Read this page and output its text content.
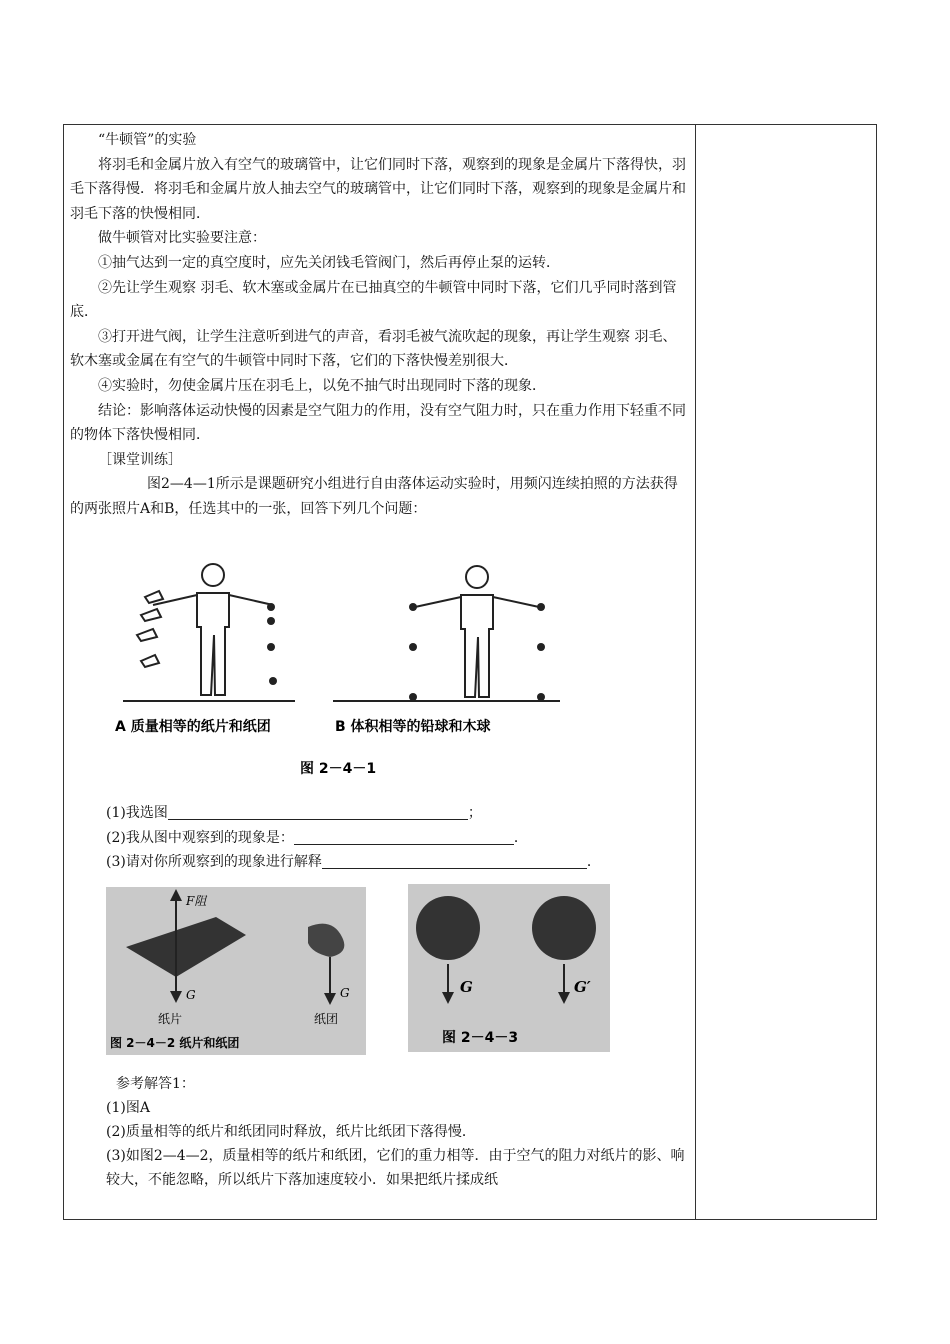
“牛顿管”的实验

将羽毛和金属片放入有空气的玻璃管中，让它们同时下落，观察到的现象是金属片下落得快，羽毛下落得慢．将羽毛和金属片放人抽去空气的玻璃管中，让它们同时下落，观察到的现象是金属片和羽毛下落的快慢相同．

做牛顿管对比实验要注意：

①抽气达到一定的真空度时，应先关闭钱毛管阀门，然后再停止泵的运转．

②先让学生观察 羽毛、软木塞或金属片在已抽真空的牛顿管中同时下落，它们几乎同时落到管底．

③打开进气阀，让学生注意听到进气的声音，看羽毛被气流吹起的现象，再让学生观察 羽毛、软木塞或金属在有空气的牛顿管中同时下落，它们的下落快慢差别很大．

④实验时，勿使金属片压在羽毛上，以免不抽气时出现同时下落的现象．

结论：影响落体运动快慢的因素是空气阻力的作用，没有空气阻力时，只在重力作用下轻重不同的物体下落快慢相同．

［课堂训练］

图2—4—1所示是课题研究小组进行自由落体运动实验时，用频闪连续拍照的方法获得的两张照片A和B，任选其中的一张，回答下列几个问题：

A 质量相等的纸片和纸团	B 体积相等的铅球和木球
图 2－4－1
(1)我选图	；
(2)我从图中观察到的现象是：	．
(3)请对你所观察到的现象进行解释	．
F阻
G	G
纸片	纸团
图 2－4－2 纸片和纸团
G	G′
图 2－4－3
参考解答1：
(1)图A
(2)质量相等的纸片和纸团同时释放，纸片比纸团下落得慢．
(3)如图2—4—2，质量相等的纸片和纸团，它们的重力相等．由于空气的阻力对纸片的影、响较大，不能忽略，所以纸片下落加速度较小．如果把纸片揉成纸
